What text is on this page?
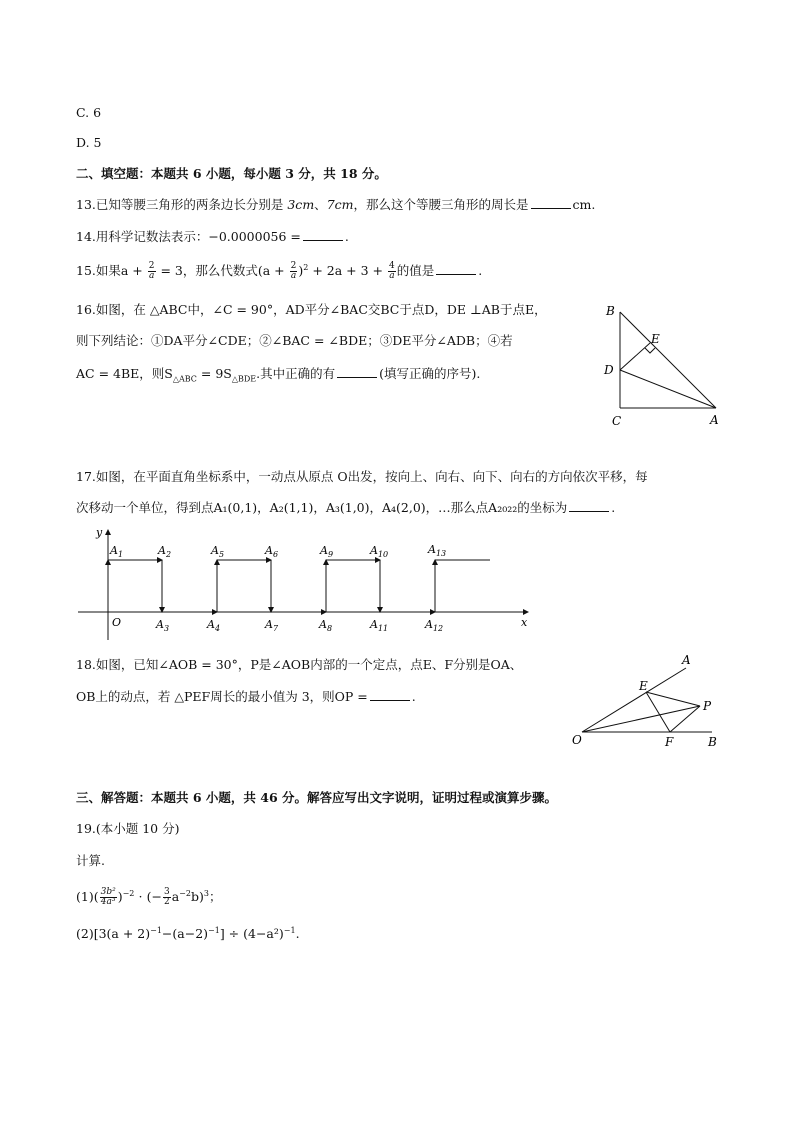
C. 6
D. 5
二、填空题：本题共 6 小题，每小题 3 分，共 18 分。
13.已知等腰三角形的两条边长分别是 3cm、7cm，那么这个等腰三角形的周长是	cm.
14.用科学记数法表示：−0.0000056 =	.
15.如果$a + \frac{2}{a} = 3$，那么代数式$(a + \frac{2}{a} )^2 + 2a + 3 + \frac{4}{a}$ 的值是	.
16.如图，在 △ABC中，∠C = 90°，AD平分∠BAC交BC于点D，DE ⊥AB于点E，
则下列结论：①DA平分∠CDE；②∠BAC = ∠BDE；③DE平分∠ADB；④若
AC = 4BE，则$S_{\triangle ABC} = 9S_{\triangle BDE}$.其中正确的有	(填写正确的序号).
B
E
D
C	A
17.如图，在平面直角坐标系中，一动点从原点 O出发，按向上、向右、向下、向右的方向依次平移，每
次移动一个单位，得到点A₁(0,1)，A₂(1,1)，A₃(1,0)，A₄(2,0)，…那么点A₂₀₂₂的坐标为	.
y
x
O
$A_1$	$A_2$	$A_5$	$A_6$	$A_9$	$A_{10}$	$A_{13}$
$A_3$	$A_4$	$A_7$	$A_8$	$A_{11}$	$A_{12}$
18.如图，已知∠AOB = 30°，P是∠AOB内部的一个定点，点E、F分别是OA、
OB上的动点，若 △PEF周长的最小值为 3，则OP =	.
A
E
P
O	F	B
三、解答题：本题共 6 小题，共 46 分。解答应写出文字说明，证明过程或演算步骤。
19.(本小题 10 分)
计算.
$(1)( \frac{\text{3b²}}{\text{4a³}} )^{-2}$ ⋅ (− $\frac{3}{2} a^{-2}b)^3$；
$(2)[3(a + 2)^{-1}-(a-2)^{-1}] \div (4-a^2)^{-1}$.
